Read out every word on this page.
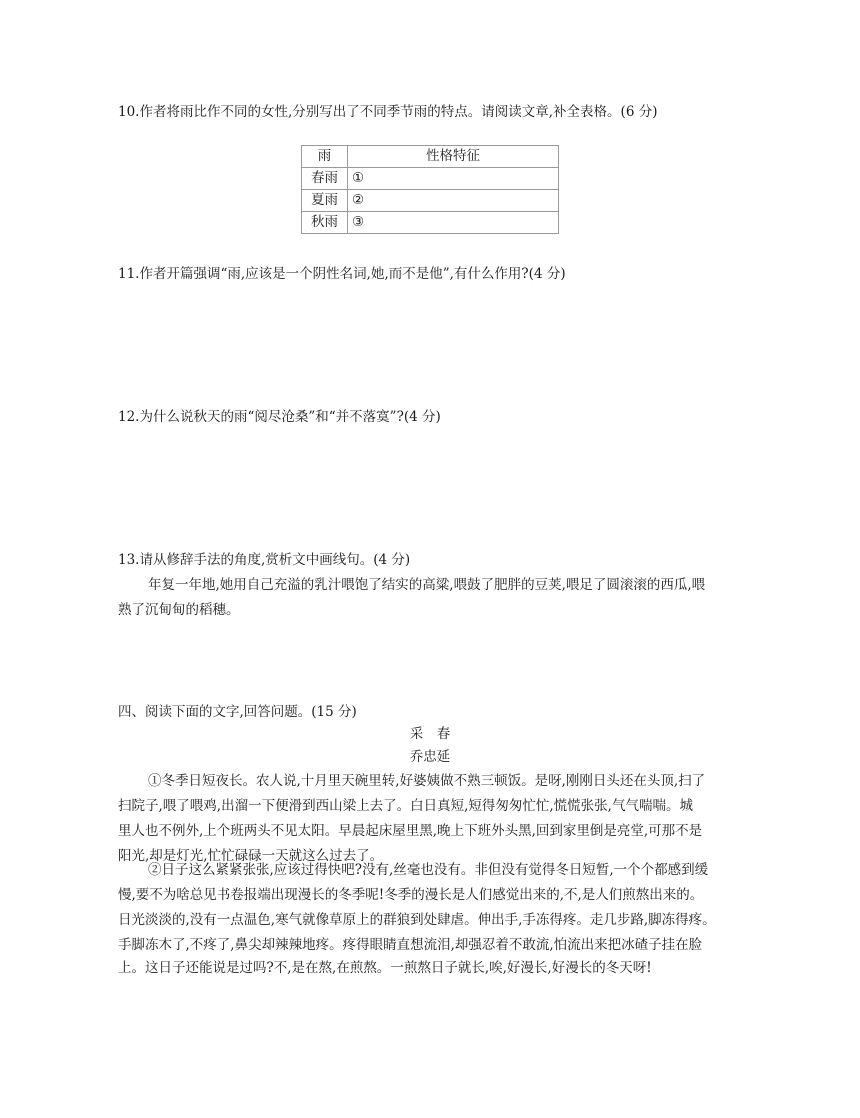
10.作者将雨比作不同的女性,分别写出了不同季节雨的特点。请阅读文章,补全表格。(6 分)
雨	性格特征
春雨	①
夏雨	②
秋雨	③
11.作者开篇强调“雨,应该是一个阴性名词,她,而不是他”,有什么作用?(4 分)
12.为什么说秋天的雨“阅尽沧桑”和“并不落寞”?(4 分)
13.请从修辞手法的角度,赏析文中画线句。(4 分)
年复一年地,她用自己充溢的乳汁喂饱了结实的高粱,喂鼓了肥胖的豆荚,喂足了圆滚滚的西瓜,喂
熟了沉甸甸的稻穗。
四、阅读下面的文字,回答问题。(15 分)
采　春
乔忠延
①冬季日短夜长。农人说,十月里天碗里转,好婆姨做不熟三顿饭。是呀,刚刚日头还在头顶,扫了
扫院子,喂了喂鸡,出溜一下便滑到西山梁上去了。白日真短,短得匆匆忙忙,慌慌张张,气气喘喘。城
里人也不例外,上个班两头不见太阳。早晨起床屋里黑,晚上下班外头黑,回到家里倒是亮堂,可那不是
阳光,却是灯光,忙忙碌碌一天就这么过去了。
②日子这么紧紧张张,应该过得快吧?没有,丝毫也没有。非但没有觉得冬日短暂,一个个都感到缓
慢,要不为啥总见书卷报端出现漫长的冬季呢!冬季的漫长是人们感觉出来的,不,是人们煎熬出来的。
日光淡淡的,没有一点温色,寒气就像草原上的群狼到处肆虐。伸出手,手冻得疼。走几步路,脚冻得疼。
手脚冻木了,不疼了,鼻尖却辣辣地疼。疼得眼睛直想流泪,却强忍着不敢流,怕流出来把冰碴子挂在脸
上。这日子还能说是过吗?不,是在熬,在煎熬。一煎熬日子就长,唉,好漫长,好漫长的冬天呀!
